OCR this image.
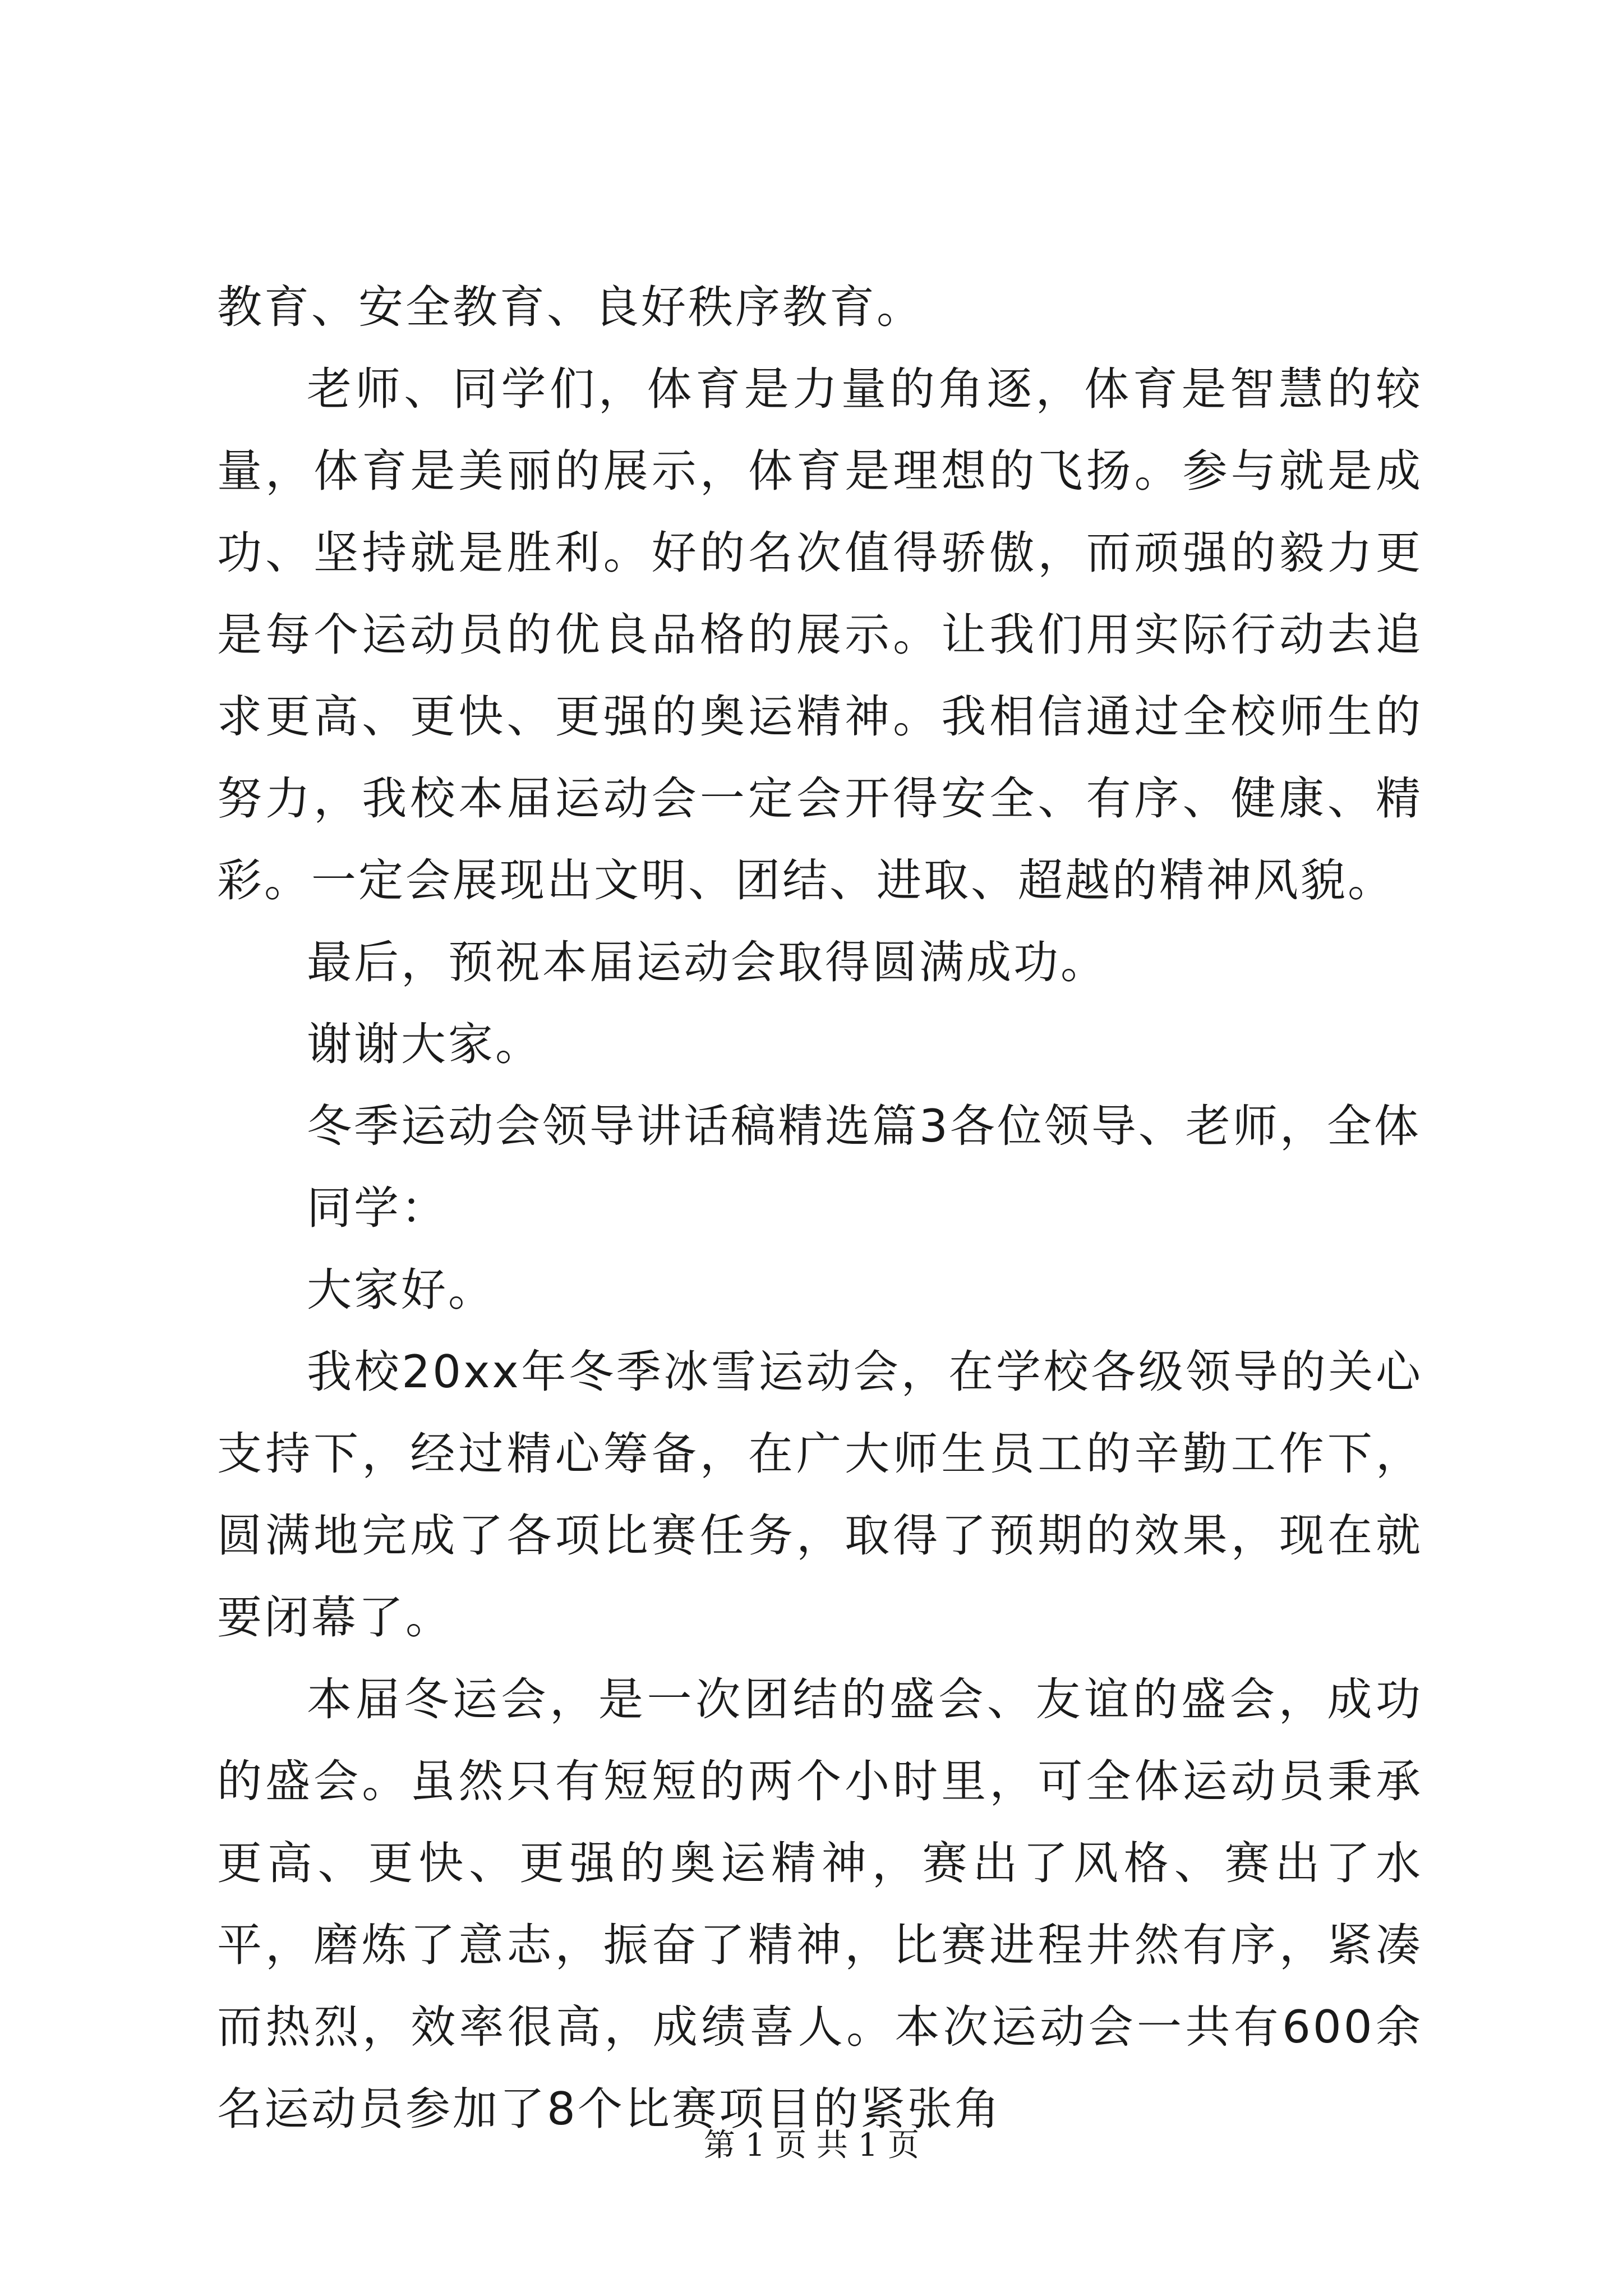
教育、安全教育、良好秩序教育。

老师、同学们，体育是力量的角逐，体育是智慧的较量，体育是美丽的展示，体育是理想的飞扬。参与就是成功、坚持就是胜利。好的名次值得骄傲，而顽强的毅力更是每个运动员的优良品格的展示。让我们用实际行动去追求更高、更快、更强的奥运精神。我相信通过全校师生的努力，我校本届运动会一定会开得安全、有序、健康、精彩。一定会展现出文明、团结、进取、超越的精神风貌。

最后，预祝本届运动会取得圆满成功。

谢谢大家。

冬季运动会领导讲话稿精选篇3各位领导、老师，全体

同学：

大家好。

我校20xx年冬季冰雪运动会，在学校各级领导的关心支持下，经过精心筹备，在广大师生员工的辛勤工作下，圆满地完成了各项比赛任务，取得了预期的效果，现在就要闭幕了。

本届冬运会，是一次团结的盛会、友谊的盛会，成功的盛会。虽然只有短短的两个小时里，可全体运动员秉承更高、更快、更强的奥运精神，赛出了风格、赛出了水平，磨炼了意志，振奋了精神，比赛进程井然有序，紧凑而热烈，效率很高，成绩喜人。本次运动会一共有600余名运动员参加了8个比赛项目的紧张角

第 1 页 共 1 页
